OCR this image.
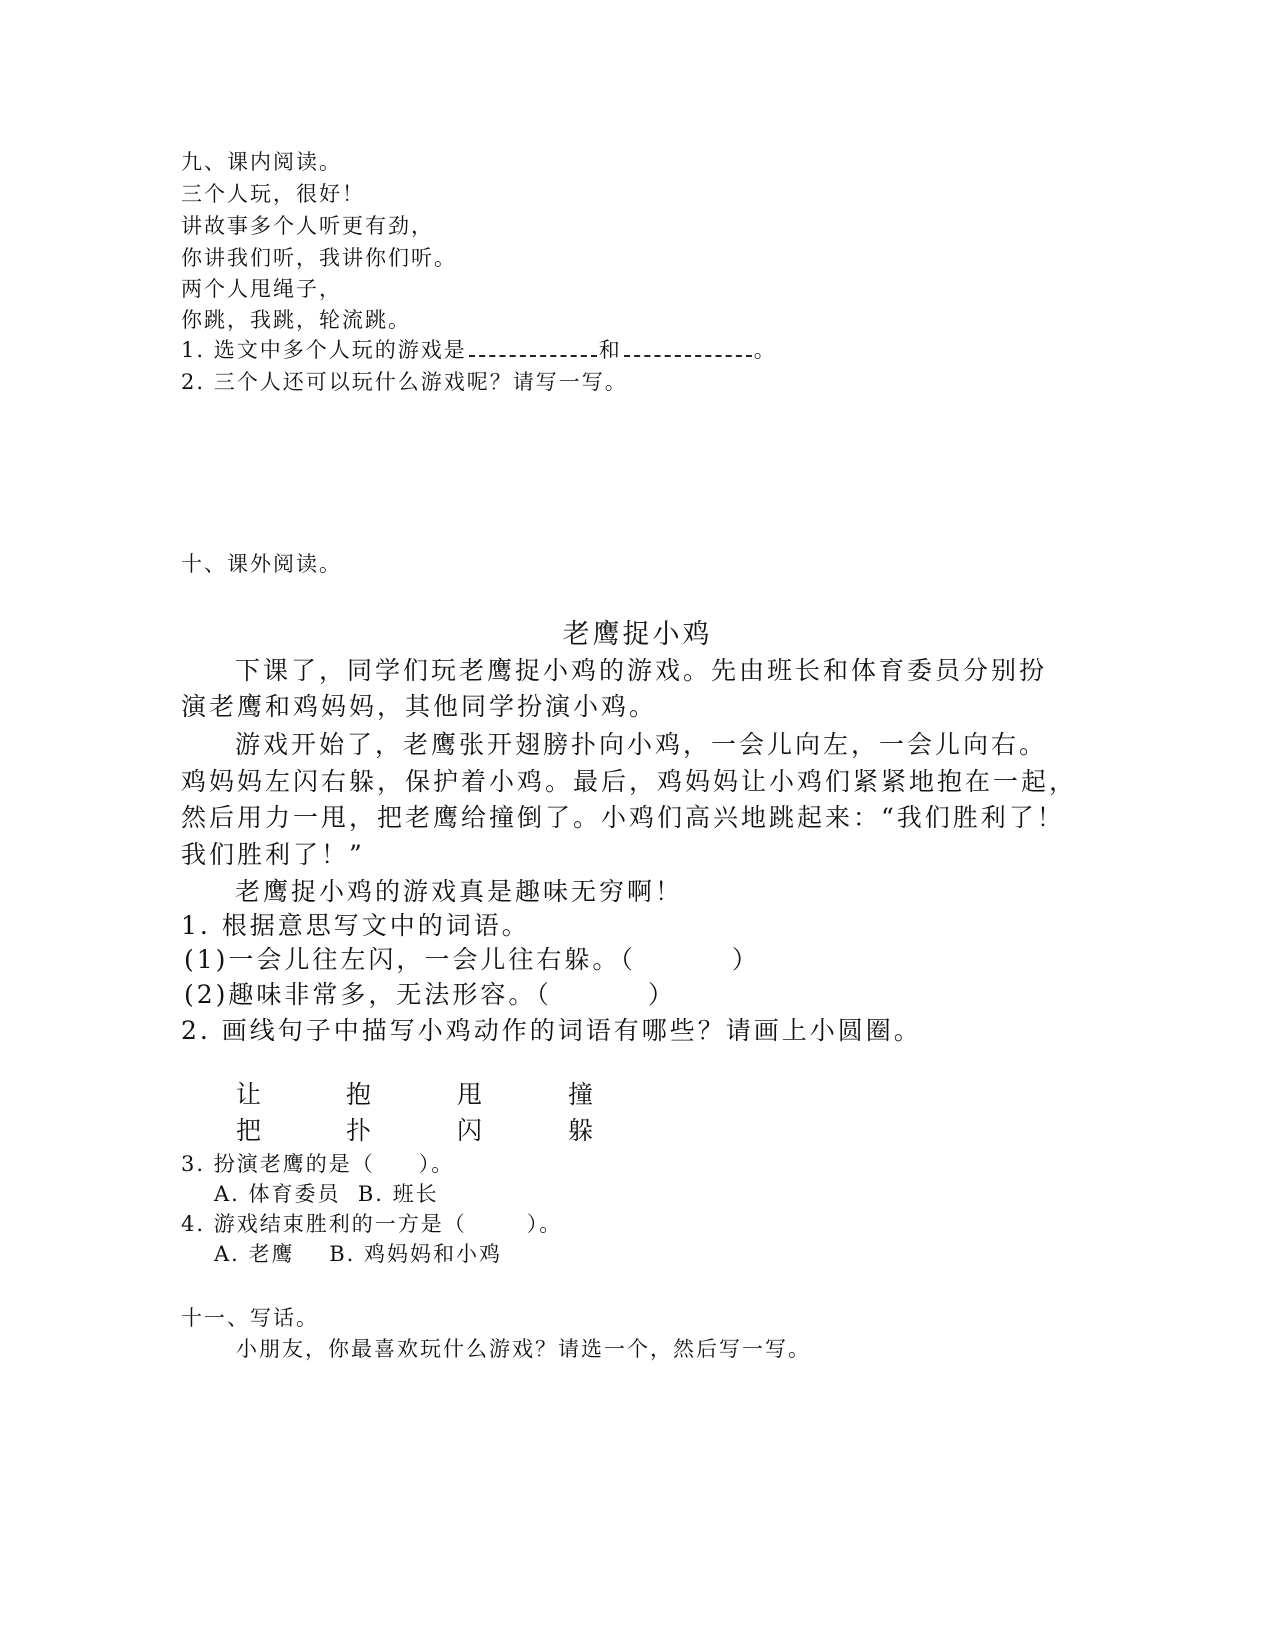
九、课内阅读。
三个人玩，很好！
讲故事多个人听更有劲，
你讲我们听，我讲你们听。
两个人甩绳子，
你跳，我跳，轮流跳。
1. 选文中多个人玩的游戏是	和	。
2. 三个人还可以玩什么游戏呢？请写一写。
十、课外阅读。
老鹰捉小鸡
下课了，同学们玩老鹰捉小鸡的游戏。先由班长和体育委员分别扮
演老鹰和鸡妈妈，其他同学扮演小鸡。
游戏开始了，老鹰张开翅膀扑向小鸡，一会儿向左，一会儿向右。
鸡妈妈左闪右躲，保护着小鸡。最后，鸡妈妈让小鸡们紧紧地抱在一起，
然后用力一甩，把老鹰给撞倒了。小鸡们高兴地跳起来：“我们胜利了！
我们胜利了！”
老鹰捉小鸡的游戏真是趣味无穷啊！
1. 根据意思写文中的词语。
(1)一会儿往左闪，一会儿往右躲。（	）
(2)趣味非常多，无法形容。（	）
2. 画线句子中描写小鸡动作的词语有哪些？请画上小圆圈。
让	抱	甩	撞
把	扑	闪	躲
3. 扮演老鹰的是（ ）。
A. 体育委员  B. 班长
4. 游戏结束胜利的一方是（	）。
A. 老鹰    B. 鸡妈妈和小鸡
十一、写话。
小朋友，你最喜欢玩什么游戏？请选一个，然后写一写。
